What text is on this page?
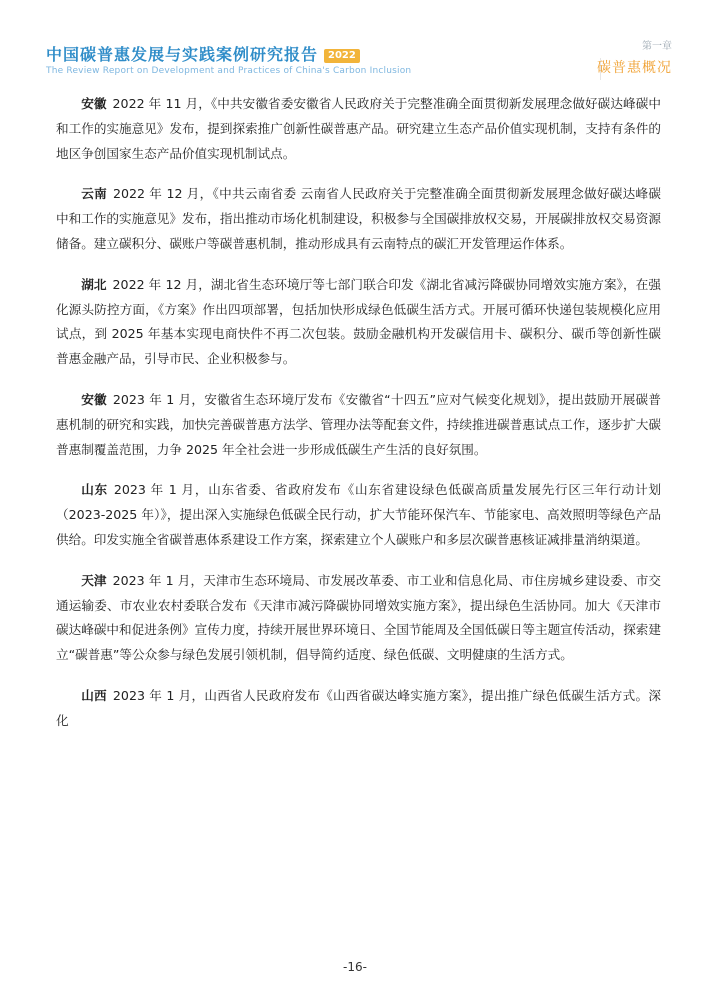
中国碳普惠发展与实践案例研究报告 2022
The Review Report on Development and Practices of China's Carbon Inclusion
第一章
碳普惠概况

安徽 2022 年 11 月，《中共安徽省委安徽省人民政府关于完整准确全面贯彻新发展理念做好碳达峰碳中和工作的实施意见》发布，提到探索推广创新性碳普惠产品。研究建立生态产品价值实现机制，支持有条件的地区争创国家生态产品价值实现机制试点。

云南 2022 年 12 月，《中共云南省委 云南省人民政府关于完整准确全面贯彻新发展理念做好碳达峰碳中和工作的实施意见》发布，指出推动市场化机制建设，积极参与全国碳排放权交易，开展碳排放权交易资源储备。建立碳积分、碳账户等碳普惠机制，推动形成具有云南特点的碳汇开发管理运作体系。

湖北 2022 年 12 月，湖北省生态环境厅等七部门联合印发《湖北省减污降碳协同增效实施方案》，在强化源头防控方面，《方案》作出四项部署，包括加快形成绿色低碳生活方式。开展可循环快递包装规模化应用试点，到 2025 年基本实现电商快件不再二次包装。鼓励金融机构开发碳信用卡、碳积分、碳币等创新性碳普惠金融产品，引导市民、企业积极参与。

安徽 2023 年 1 月，安徽省生态环境厅发布《安徽省“十四五”应对气候变化规划》，提出鼓励开展碳普惠机制的研究和实践，加快完善碳普惠方法学、管理办法等配套文件，持续推进碳普惠试点工作，逐步扩大碳普惠制覆盖范围，力争 2025 年全社会进一步形成低碳生产生活的良好氛围。

山东 2023 年 1 月，山东省委、省政府发布《山东省建设绿色低碳高质量发展先行区三年行动计划（2023-2025 年）》，提出深入实施绿色低碳全民行动，扩大节能环保汽车、节能家电、高效照明等绿色产品供给。印发实施全省碳普惠体系建设工作方案，探索建立个人碳账户和多层次碳普惠核证减排量消纳渠道。

天津 2023 年 1 月，天津市生态环境局、市发展改革委、市工业和信息化局、市住房城乡建设委、市交通运输委、市农业农村委联合发布《天津市减污降碳协同增效实施方案》，提出绿色生活协同。加大《天津市碳达峰碳中和促进条例》宣传力度，持续开展世界环境日、全国节能周及全国低碳日等主题宣传活动，探索建立“碳普惠”等公众参与绿色发展引领机制，倡导简约适度、绿色低碳、文明健康的生活方式。

山西 2023 年 1 月，山西省人民政府发布《山西省碳达峰实施方案》，提出推广绿色低碳生活方式。深化

-16-
